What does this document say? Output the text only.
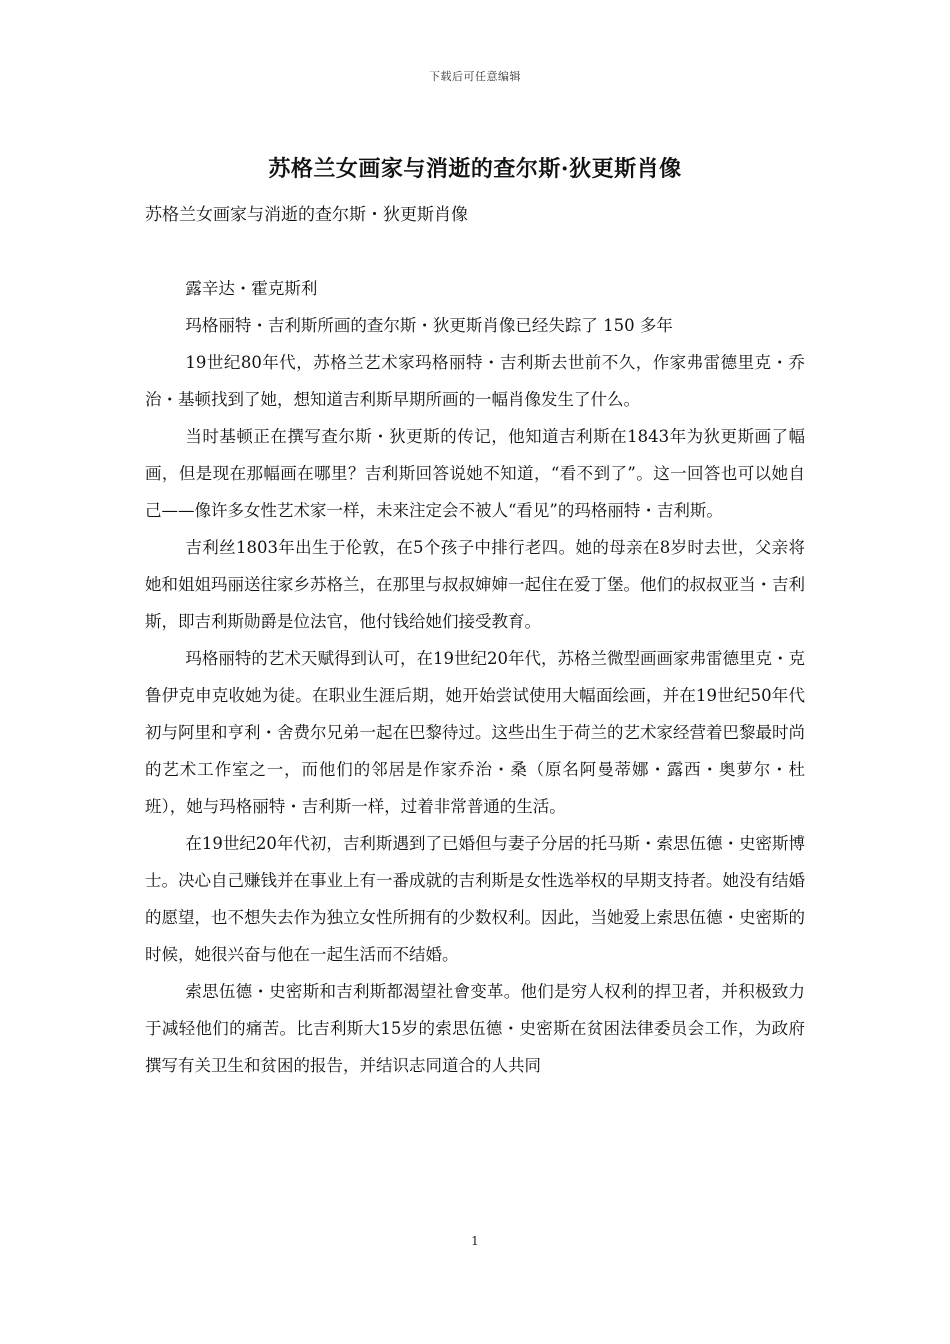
下载后可任意编辑
苏格兰女画家与消逝的查尔斯·狄更斯肖像

苏格兰女画家与消逝的查尔斯・狄更斯肖像

露辛达・霍克斯利

玛格丽特・吉利斯所画的查尔斯・狄更斯肖像已经失踪了 150 多年

19世纪80年代，苏格兰艺术家玛格丽特・吉利斯去世前不久，作家弗雷德里克・乔治・基顿找到了她，想知道吉利斯早期所画的一幅肖像发生了什么。

当时基顿正在撰写查尔斯・狄更斯的传记，他知道吉利斯在1843年为狄更斯画了幅画，但是现在那幅画在哪里？吉利斯回答说她不知道，“看不到了”。这一回答也可以她自己——像许多女性艺术家一样，未来注定会不被人“看见”的玛格丽特・吉利斯。

吉利丝1803年出生于伦敦，在5个孩子中排行老四。她的母亲在8岁时去世，父亲将她和姐姐玛丽送往家乡苏格兰，在那里与叔叔婶婶一起住在爱丁堡。他们的叔叔亚当・吉利斯，即吉利斯勋爵是位法官，他付钱给她们接受教育。

玛格丽特的艺术天赋得到认可，在19世纪20年代，苏格兰微型画画家弗雷德里克・克鲁伊克申克收她为徒。在职业生涯后期，她开始尝试使用大幅面绘画，并在19世纪50年代初与阿里和亨利・舍费尔兄弟一起在巴黎待过。这些出生于荷兰的艺术家经营着巴黎最时尚的艺术工作室之一，而他们的邻居是作家乔治・桑（原名阿曼蒂娜・露西・奥萝尔・杜班），她与玛格丽特・吉利斯一样，过着非常普通的生活。

在19世纪20年代初，吉利斯遇到了已婚但与妻子分居的托马斯・索思伍德・史密斯博士。决心自己赚钱并在事业上有一番成就的吉利斯是女性选举权的早期支持者。她没有结婚的愿望，也不想失去作为独立女性所拥有的少数权利。因此，当她爱上索思伍德・史密斯的时候，她很兴奋与他在一起生活而不结婚。

索思伍德・史密斯和吉利斯都渴望社會变革。他们是穷人权利的捍卫者，并积极致力于减轻他们的痛苦。比吉利斯大15岁的索思伍德・史密斯在贫困法律委员会工作，为政府撰写有关卫生和贫困的报告，并结识志同道合的人共同

1
